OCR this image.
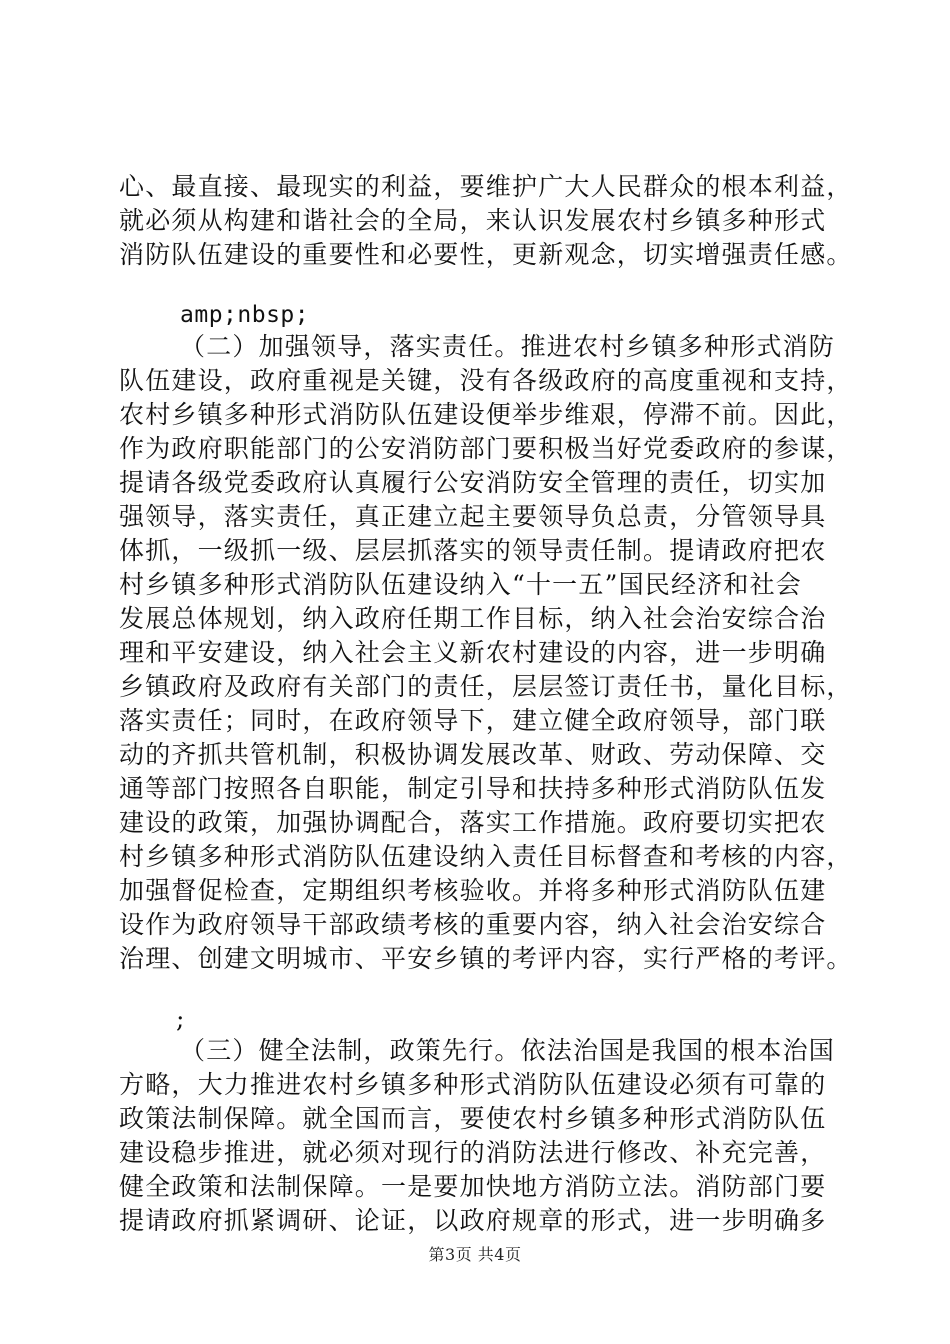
心、最直接、最现实的利益，要维护广大人民群众的根本利益，
就必须从构建和谐社会的全局，来认识发展农村乡镇多种形式
消防队伍建设的重要性和必要性，更新观念，切实增强责任感。
amp;nbsp;
（二）加强领导，落实责任。推进农村乡镇多种形式消防
队伍建设，政府重视是关键，没有各级政府的高度重视和支持，
农村乡镇多种形式消防队伍建设便举步维艰，停滞不前。因此，
作为政府职能部门的公安消防部门要积极当好党委政府的参谋，
提请各级党委政府认真履行公安消防安全管理的责任，切实加
强领导，落实责任，真正建立起主要领导负总责，分管领导具
体抓，一级抓一级、层层抓落实的领导责任制。提请政府把农
村乡镇多种形式消防队伍建设纳入“十一五”国民经济和社会
发展总体规划，纳入政府任期工作目标，纳入社会治安综合治
理和平安建设，纳入社会主义新农村建设的内容，进一步明确
乡镇政府及政府有关部门的责任，层层签订责任书，量化目标，
落实责任；同时，在政府领导下，建立健全政府领导，部门联
动的齐抓共管机制，积极协调发展改革、财政、劳动保障、交
通等部门按照各自职能，制定引导和扶持多种形式消防队伍发
建设的政策，加强协调配合，落实工作措施。政府要切实把农
村乡镇多种形式消防队伍建设纳入责任目标督查和考核的内容，
加强督促检查，定期组织考核验收。并将多种形式消防队伍建
设作为政府领导干部政绩考核的重要内容，纳入社会治安综合
治理、创建文明城市、平安乡镇的考评内容，实行严格的考评。
;
（三）健全法制，政策先行。依法治国是我国的根本治国
方略，大力推进农村乡镇多种形式消防队伍建设必须有可靠的
政策法制保障。就全国而言，要使农村乡镇多种形式消防队伍
建设稳步推进，就必须对现行的消防法进行修改、补充完善，
健全政策和法制保障。一是要加快地方消防立法。消防部门要
提请政府抓紧调研、论证，以政府规章的形式，进一步明确多
第3页 共4页
